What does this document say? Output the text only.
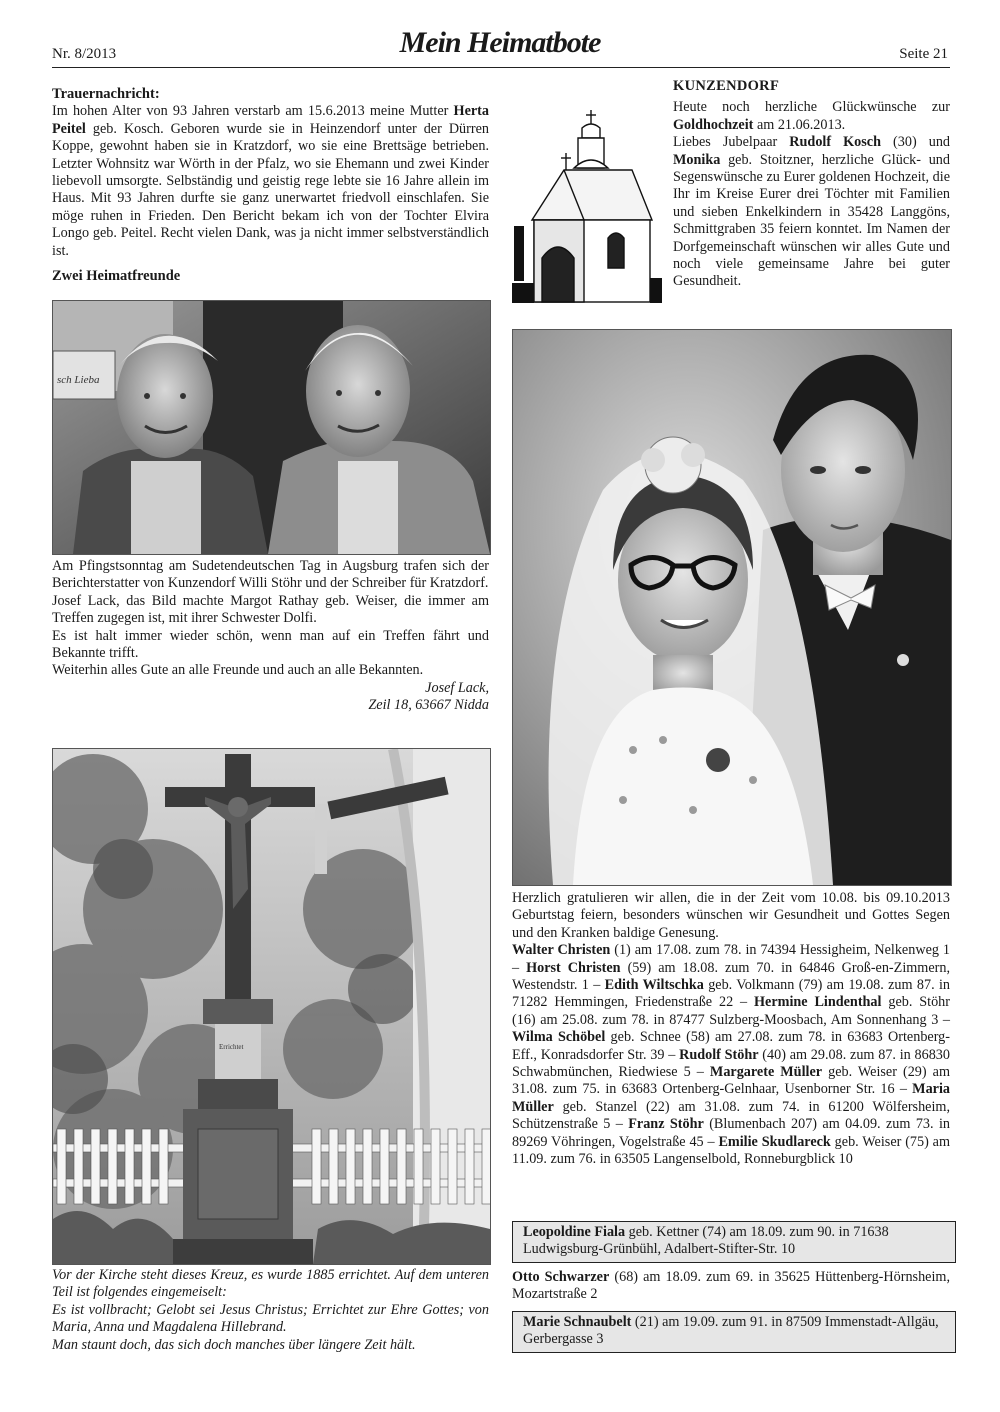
Nr. 8/2013	Mein Heimatbote	Seite 21

Trauernachricht:

Im hohen Alter von 93 Jahren verstarb am 15.6.2013 meine Mutter Herta Peitel geb. Kosch. Geboren wurde sie in Heinzendorf unter der Dürren Koppe, gewohnt haben sie in Kratzdorf, wo sie eine Brettsäge betrieben. Letzter Wohnsitz war Wörth in der Pfalz, wo sie Ehemann und zwei Kinder liebevoll umsorgte. Selbständig und geistig rege lebte sie 16 Jahre allein im Haus. Mit 93 Jahren durfte sie ganz unerwartet friedvoll einschlafen. Sie möge ruhen in Frieden. Den Bericht bekam ich von der Tochter Elvira Longo geb. Peitel. Recht vielen Dank, was ja nicht immer selbstverständlich ist.

Zwei Heimatfreunde

sch Lieba

Am Pfingstsonntag am Sudetendeutschen Tag in Augsburg trafen sich der Berichterstatter von Kunzendorf Willi Stöhr und der Schreiber für Kratzdorf.

Josef Lack, das Bild machte Margot Rathay geb. Weiser, die immer am Treffen zugegen ist, mit ihrer Schwester Dolfi.

Es ist halt immer wieder schön, wenn man auf ein Treffen fährt und Bekannte trifft.

Weiterhin alles Gute an alle Freunde und auch an alle Bekannten.

Josef Lack,

Zeil 18, 63667 Nidda

Errichtet

Vor der Kirche steht dieses Kreuz, es wurde 1885 errichtet. Auf dem unteren Teil ist folgendes eingemeiselt:

Es ist vollbracht; Gelobt sei Jesus Christus; Errichtet zur Ehre Gottes; von Maria, Anna und Magdalena Hillebrand.

Man staunt doch, das sich doch manches über längere Zeit hält.

KUNZENDORF

Heute noch herzliche Glückwünsche zur Goldhochzeit am 21.06.2013.

Liebes Jubelpaar Rudolf Kosch (30) und Monika geb. Stoitzner, herzliche Glück- und Segenswünsche zu Eurer goldenen Hochzeit, die Ihr im Kreise Eurer drei Töchter mit Familien und sieben Enkelkindern in 35428 Langgöns, Schmittgraben 35 feiern konntet. Im Namen der Dorfgemeinschaft wünschen wir alles Gute und noch viele gemeinsame Jahre bei guter Gesundheit.

Herzlich gratulieren wir allen, die in der Zeit vom 10.08. bis 09.10.2013 Geburtstag feiern, besonders wünschen wir Gesundheit und Gottes Segen und den Kranken baldige Genesung.

Walter Christen (1) am 17.08. zum 78. in 74394 Hessigheim, Nelkenweg 1 – Horst Christen (59) am 18.08. zum 70. in 64846 Groß-en-Zimmern, Westendstr. 1 – Edith Wiltschka geb. Volkmann (79) am 19.08. zum 87. in 71282 Hemmingen, Friedenstraße 22 – Hermine Lindenthal geb. Stöhr (16) am 25.08. zum 78. in 87477 Sulzberg-Moosbach, Am Sonnenhang 3 – Wilma Schöbel geb. Schnee (58) am 27.08. zum 78. in 63683 Ortenberg-Eff., Konradsdorfer Str. 39 – Rudolf Stöhr (40) am 29.08. zum 87. in 86830 Schwabmünchen, Riedwiese 5 – Margarete Müller geb. Weiser (29) am 31.08. zum 75. in 63683 Ortenberg-Gelnhaar, Usenborner Str. 16 – Maria Müller geb. Stanzel (22) am 31.08. zum 74. in 61200 Wölfersheim, Schützenstraße 5 – Franz Stöhr (Blumenbach 207) am 04.09. zum 73. in 89269 Vöhringen, Vogelstraße 45 – Emilie Skudlareck geb. Weiser (75) am 11.09. zum 76. in 63505 Langenselbold, Ronneburgblick 10

Leopoldine Fiala geb. Kettner (74) am 18.09. zum 90. in 71638 Ludwigsburg-Grünbühl, Adalbert-Stifter-Str. 10
Otto Schwarzer (68) am 18.09. zum 69. in 35625 Hüttenberg-Hörnsheim, Mozartstraße 2
Marie Schnaubelt (21) am 19.09. zum 91. in 87509 Immenstadt-Allgäu, Gerbergasse 3
